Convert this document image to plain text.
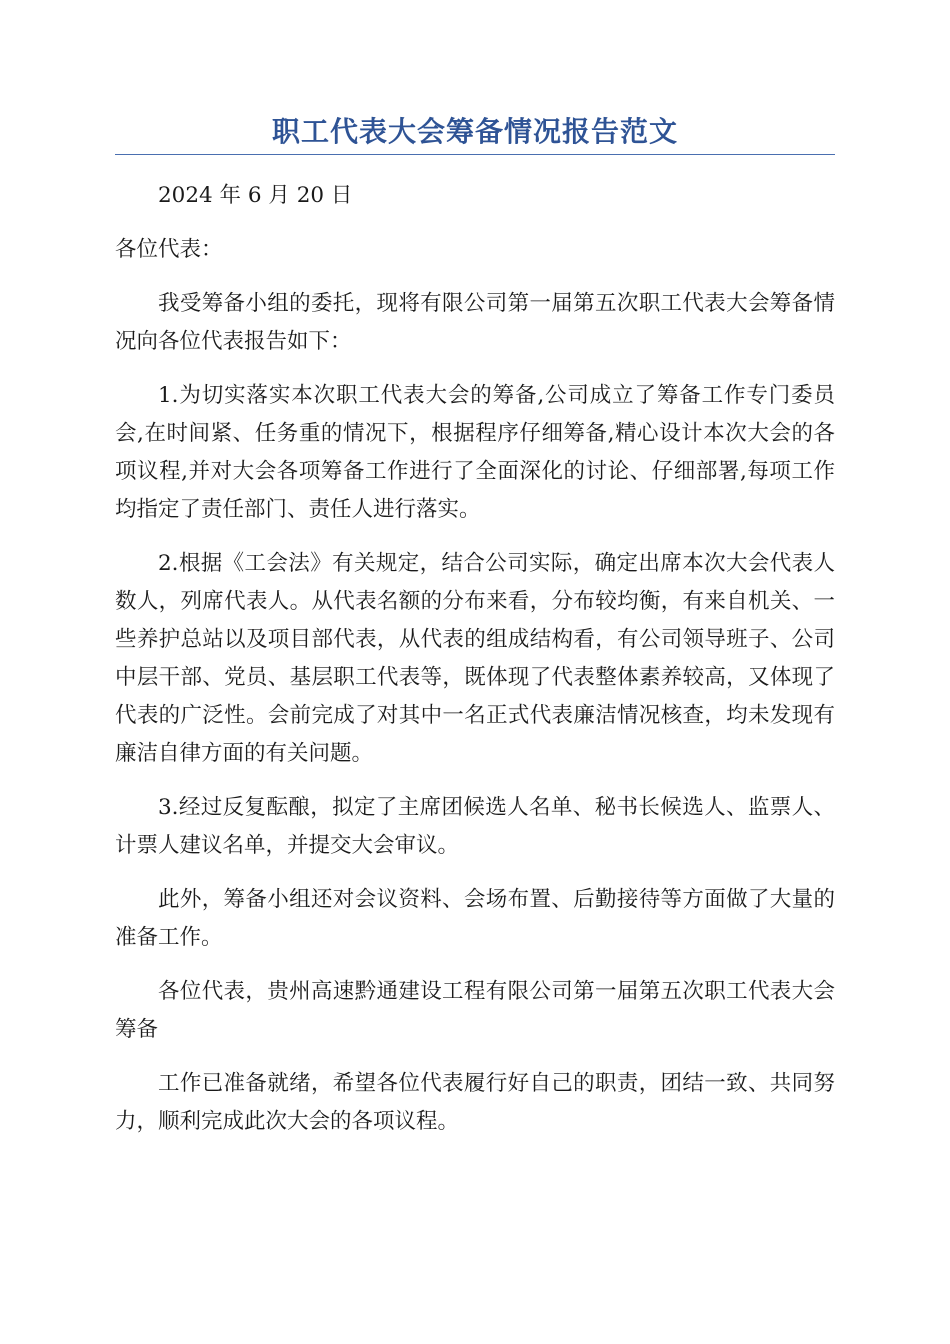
职工代表大会筹备情况报告范文

2024 年 6 月 20 日

各位代表：

我受筹备小组的委托，现将有限公司第一届第五次职工代表大会筹备情况向各位代表报告如下：

1.为切实落实本次职工代表大会的筹备,公司成立了筹备工作专门委员会,在时间紧、任务重的情况下，根据程序仔细筹备,精心设计本次大会的各项议程,并对大会各项筹备工作进行了全面深化的讨论、仔细部署,每项工作均指定了责任部门、责任人进行落实。

2.根据《工会法》有关规定，结合公司实际，确定出席本次大会代表人数人，列席代表人。从代表名额的分布来看，分布较均衡，有来自机关、一些养护总站以及项目部代表，从代表的组成结构看，有公司领导班子、公司中层干部、党员、基层职工代表等，既体现了代表整体素养较高，又体现了代表的广泛性。会前完成了对其中一名正式代表廉洁情况核查，均未发现有廉洁自律方面的有关问题。

3.经过反复酝酿，拟定了主席团候选人名单、秘书长候选人、监票人、计票人建议名单，并提交大会审议。

此外，筹备小组还对会议资料、会场布置、后勤接待等方面做了大量的准备工作。

各位代表，贵州高速黔通建设工程有限公司第一届第五次职工代表大会筹备

工作已准备就绪，希望各位代表履行好自己的职责，团结一致、共同努力，顺利完成此次大会的各项议程。
